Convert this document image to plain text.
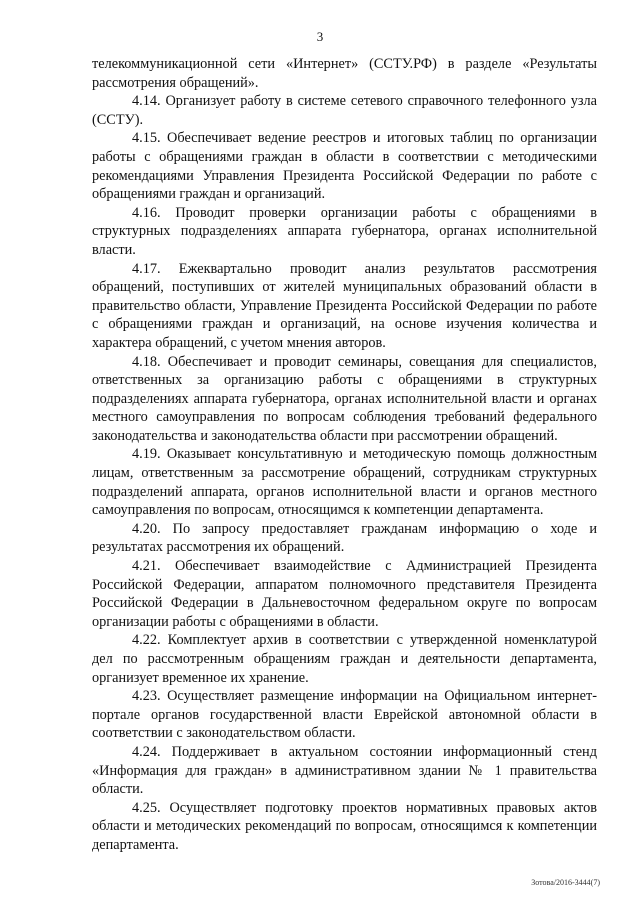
3

телекоммуникационной сети «Интернет» (ССТУ.РФ) в разделе «Результаты рассмотрения обращений».

4.14. Организует работу в системе сетевого справочного телефонного узла (ССТУ).

4.15. Обеспечивает ведение реестров и итоговых таблиц по организации работы с обращениями граждан в области в соответствии с методическими рекомендациями Управления Президента Российской Федерации по работе с обращениями граждан и организаций.

4.16. Проводит проверки организации работы с обращениями в структурных подразделениях аппарата губернатора, органах исполнительной власти.

4.17. Ежеквартально проводит анализ результатов рассмотрения обращений, поступивших от жителей муниципальных образований области в правительство области, Управление Президента Российской Федерации по работе с обращениями граждан и организаций, на основе изучения количества и характера обращений, с учетом мнения авторов.

4.18. Обеспечивает и проводит семинары, совещания для специалистов, ответственных за организацию работы с обращениями в структурных подразделениях аппарата губернатора, органах исполнительной власти и органах местного самоуправления по вопросам соблюдения требований федерального законодательства и законодательства области при рассмотрении обращений.

4.19. Оказывает консультативную и методическую помощь должностным лицам, ответственным за рассмотрение обращений, сотрудникам структурных подразделений аппарата, органов исполнительной власти и органов местного самоуправления по вопросам, относящимся к компетенции департамента.

4.20. По запросу предоставляет гражданам информацию о ходе и результатах рассмотрения их обращений.

4.21. Обеспечивает взаимодействие с Администрацией Президента Российской Федерации, аппаратом полномочного представителя Президента Российской Федерации в Дальневосточном федеральном округе по вопросам организации работы с обращениями в области.

4.22. Комплектует архив в соответствии с утвержденной номенклатурой дел по рассмотренным обращениям граждан и деятельности департамента, организует временное их хранение.

4.23. Осуществляет размещение информации на Официальном интернет-портале органов государственной власти Еврейской автономной области в соответствии с законодательством области.

4.24. Поддерживает в актуальном состоянии информационный стенд «Информация для граждан» в административном здании № 1 правительства области.

4.25. Осуществляет подготовку проектов нормативных правовых актов области и методических рекомендаций по вопросам, относящимся к компетенции департамента.

Зотова/2016-3444(7)
